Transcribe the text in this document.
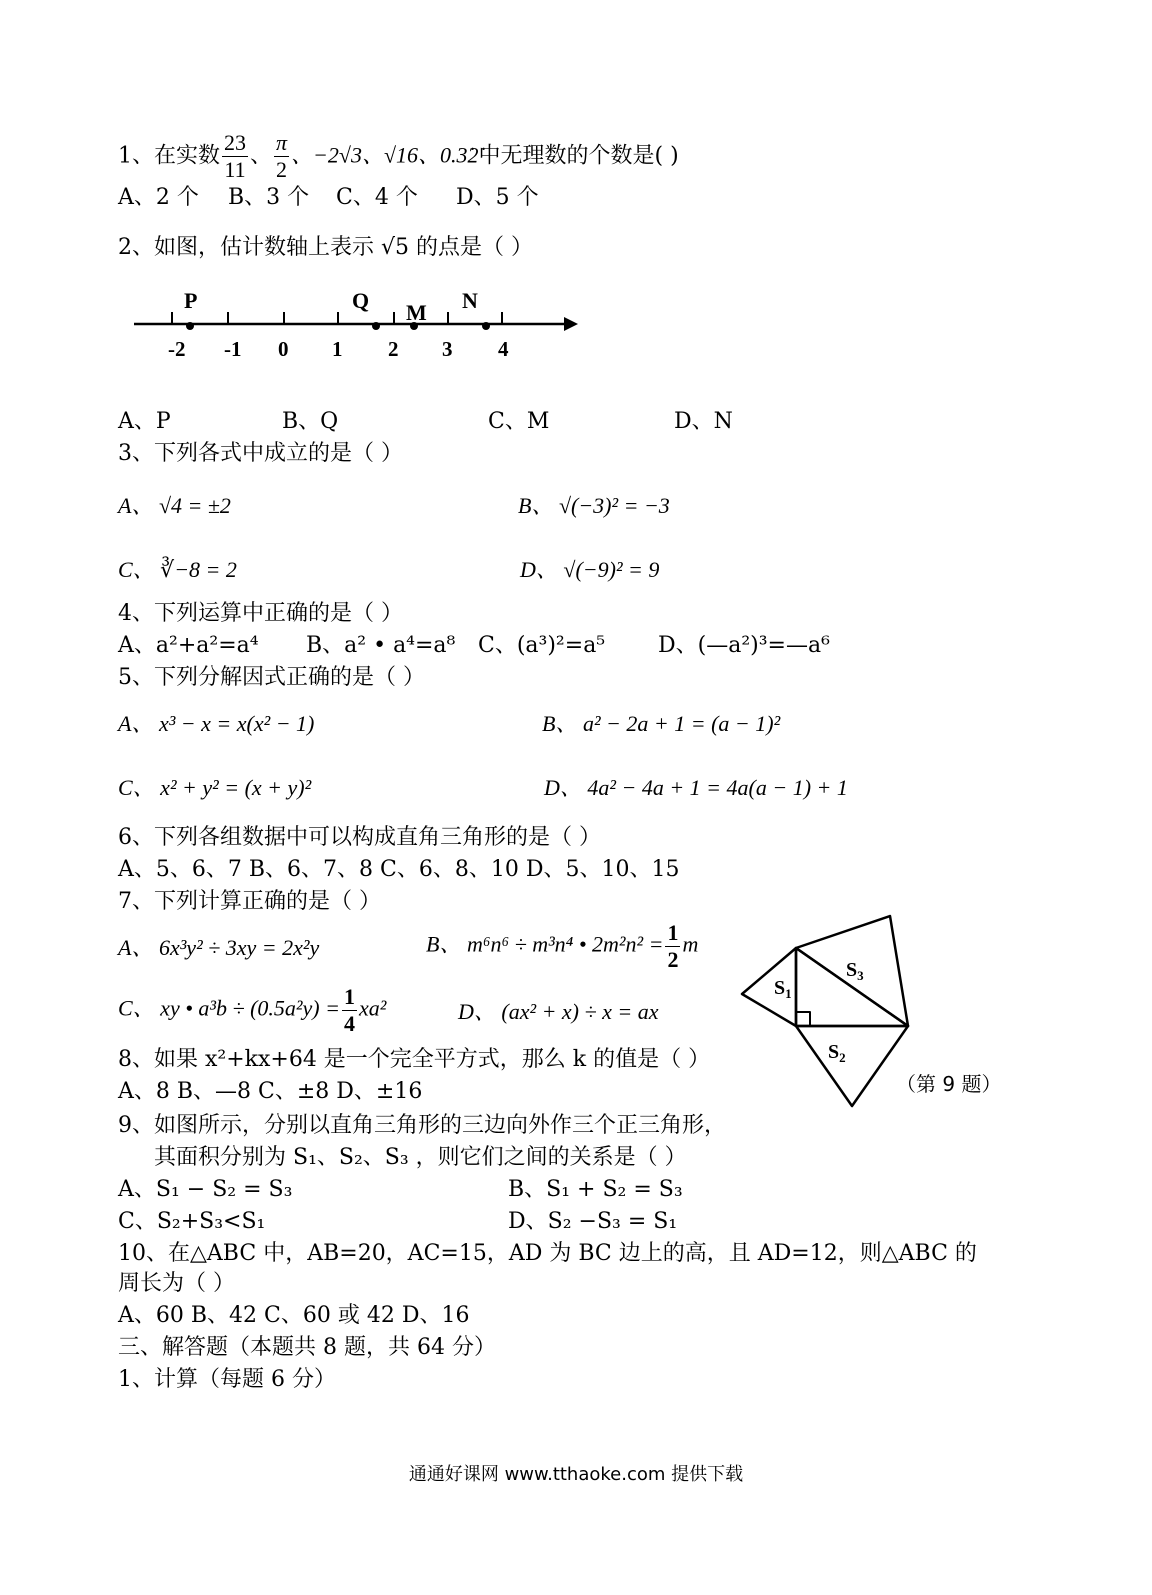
1、在实数 $\frac{23}{11}$ 、 $\frac{\pi}{2}$ 、−2√3、√16、0.3̇2̇中无理数的个数是( )
A、2 个 B、3 个 C、4 个 D、5 个
2、如图，估计数轴上表示 √5 的点是（ ）
P	Q M N
-2 -1 0 1 2 3 4
A、P	B、Q	C、M	D、N
3、下列各式中成立的是（ ）
A、 √4 = ±2	B、 √(−3)² = −3
C、 ∛−8 = 2	D、 √(−9)² = 9
4、下列运算中正确的是（ ）
A、a²+a²=a⁴ B、a² • a⁴=a⁸ C、(a³)²=a⁵ D、(—a²)³=—a⁶
5、下列分解因式正确的是（ ）
A、 x³ − x = x(x² − 1)	B、 a² − 2a + 1 = (a − 1)²
C、 x² + y² = (x + y)²	D、 4a² − 4a + 1 = 4a(a − 1) + 1
6、下列各组数据中可以构成直角三角形的是（ ）
A、5、6、7 B、6、7、8 C、6、8、10 D、5、10、15
7、下列计算正确的是（ ）
A、 6x³y² ÷ 3xy = 2x²y	B、 m⁶n⁶ ÷ m³n⁴ • $2m^2n^2 = \frac{1}{2}$ m
C、 xy • $a^3b \div (0.5a^2y) = \frac{1}{4} xa^2$	D、 (ax² + x) ÷ x = ax
$S_1$
$S_3$
$S_2$
（第 9 题）
8、如果 x²+kx+64 是一个完全平方式，那么 k 的值是（ ）
A、8 B、—8 C、±8 D、±16
9、如图所示，分别以直角三角形的三边向外作三个正三角形，
其面积分别为 S₁、S₂、S₃ ，则它们之间的关系是（ ）
A、S₁ − S₂ = S₃	B、S₁ + S₂ = S₃
C、S₂+S₃<S₁	D、S₂ −S₃ = S₁
10、在△ABC 中，AB=20，AC=15，AD 为 BC 边上的高，且 AD=12，则△ABC 的
周长为（ ）
A、60 B、42 C、60 或 42 D、16
三、解答题（本题共 8 题，共 64 分）
1、计算（每题 6 分）
通通好课网 www.tthaoke.com 提供下载
